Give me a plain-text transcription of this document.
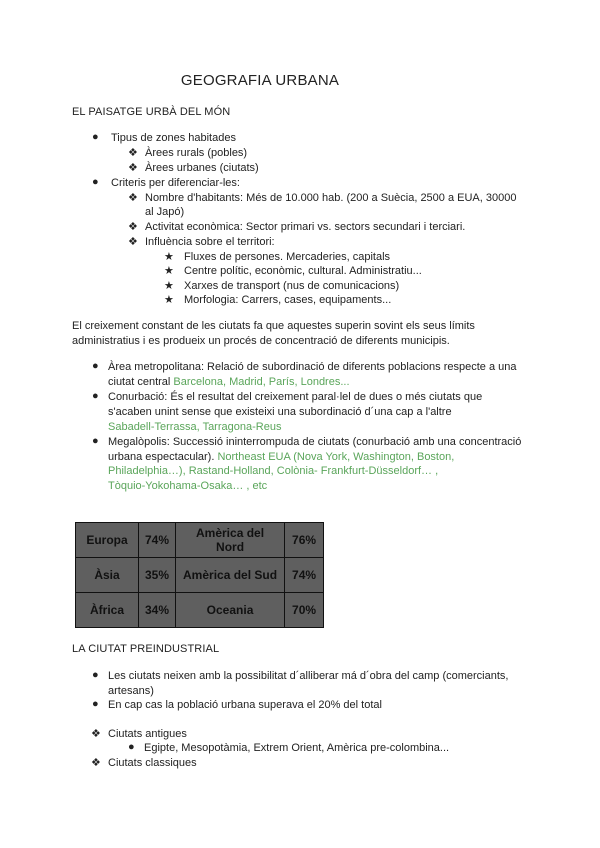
GEOGRAFIA URBANA
EL PAISATGE URBÀ DEL MÓN
● Tipus de zones habitades
❖ Àrees rurals (pobles)
❖ Àrees urbanes (ciutats)
● Criteris per diferenciar-les:
❖ Nombre d'habitants: Més de 10.000 hab. (200 a Suècia, 2500 a EUA, 30000
al Japó)
❖ Activitat econòmica: Sector primari vs. sectors secundari i terciari.
❖ Influència sobre el territori:
★ Fluxes de persones. Mercaderies, capitals
★ Centre polític, econòmic, cultural. Administratiu...
★ Xarxes de transport (nus de comunicacions)
★ Morfologia: Carrers, cases, equipaments...
El creixement constant de les ciutats fa que aquestes superin sovint els seus límits
administratius i es produeix un procés de concentració de diferents municipis.
● Àrea metropolitana: Relació de subordinació de diferents poblacions respecte a una
ciutat central Barcelona, Madrid, París, Londres...
● Conurbació: És el resultat del creixement paral·lel de dues o més ciutats que
s'acaben unint sense que existeixi una subordinació d´una cap a l'altre
Sabadell-Terrassa, Tarragona-Reus
● Megalòpolis: Successió ininterrompuda de ciutats (conurbació amb una concentració
urbana espectacular). Northeast EUA (Nova York, Washington, Boston,
Philadelphia…), Rastand-Holland, Colònia- Frankfurt-Düsseldorf… ,
Tòquio-Yokohama-Osaka… , etc
Europa	74%	Amèrica del Nord	76%
Àsia	35%	Amèrica del Sud	74%
Àfrica	34%	Oceania	70%
LA CIUTAT PREINDUSTRIAL
● Les ciutats neixen amb la possibilitat d´alliberar má d´obra del camp (comerciants,
artesans)
● En cap cas la població urbana superava el 20% del total
❖ Ciutats antigues
● Egipte, Mesopotàmia, Extrem Orient, Amèrica pre-colombina...
❖ Ciutats classiques
